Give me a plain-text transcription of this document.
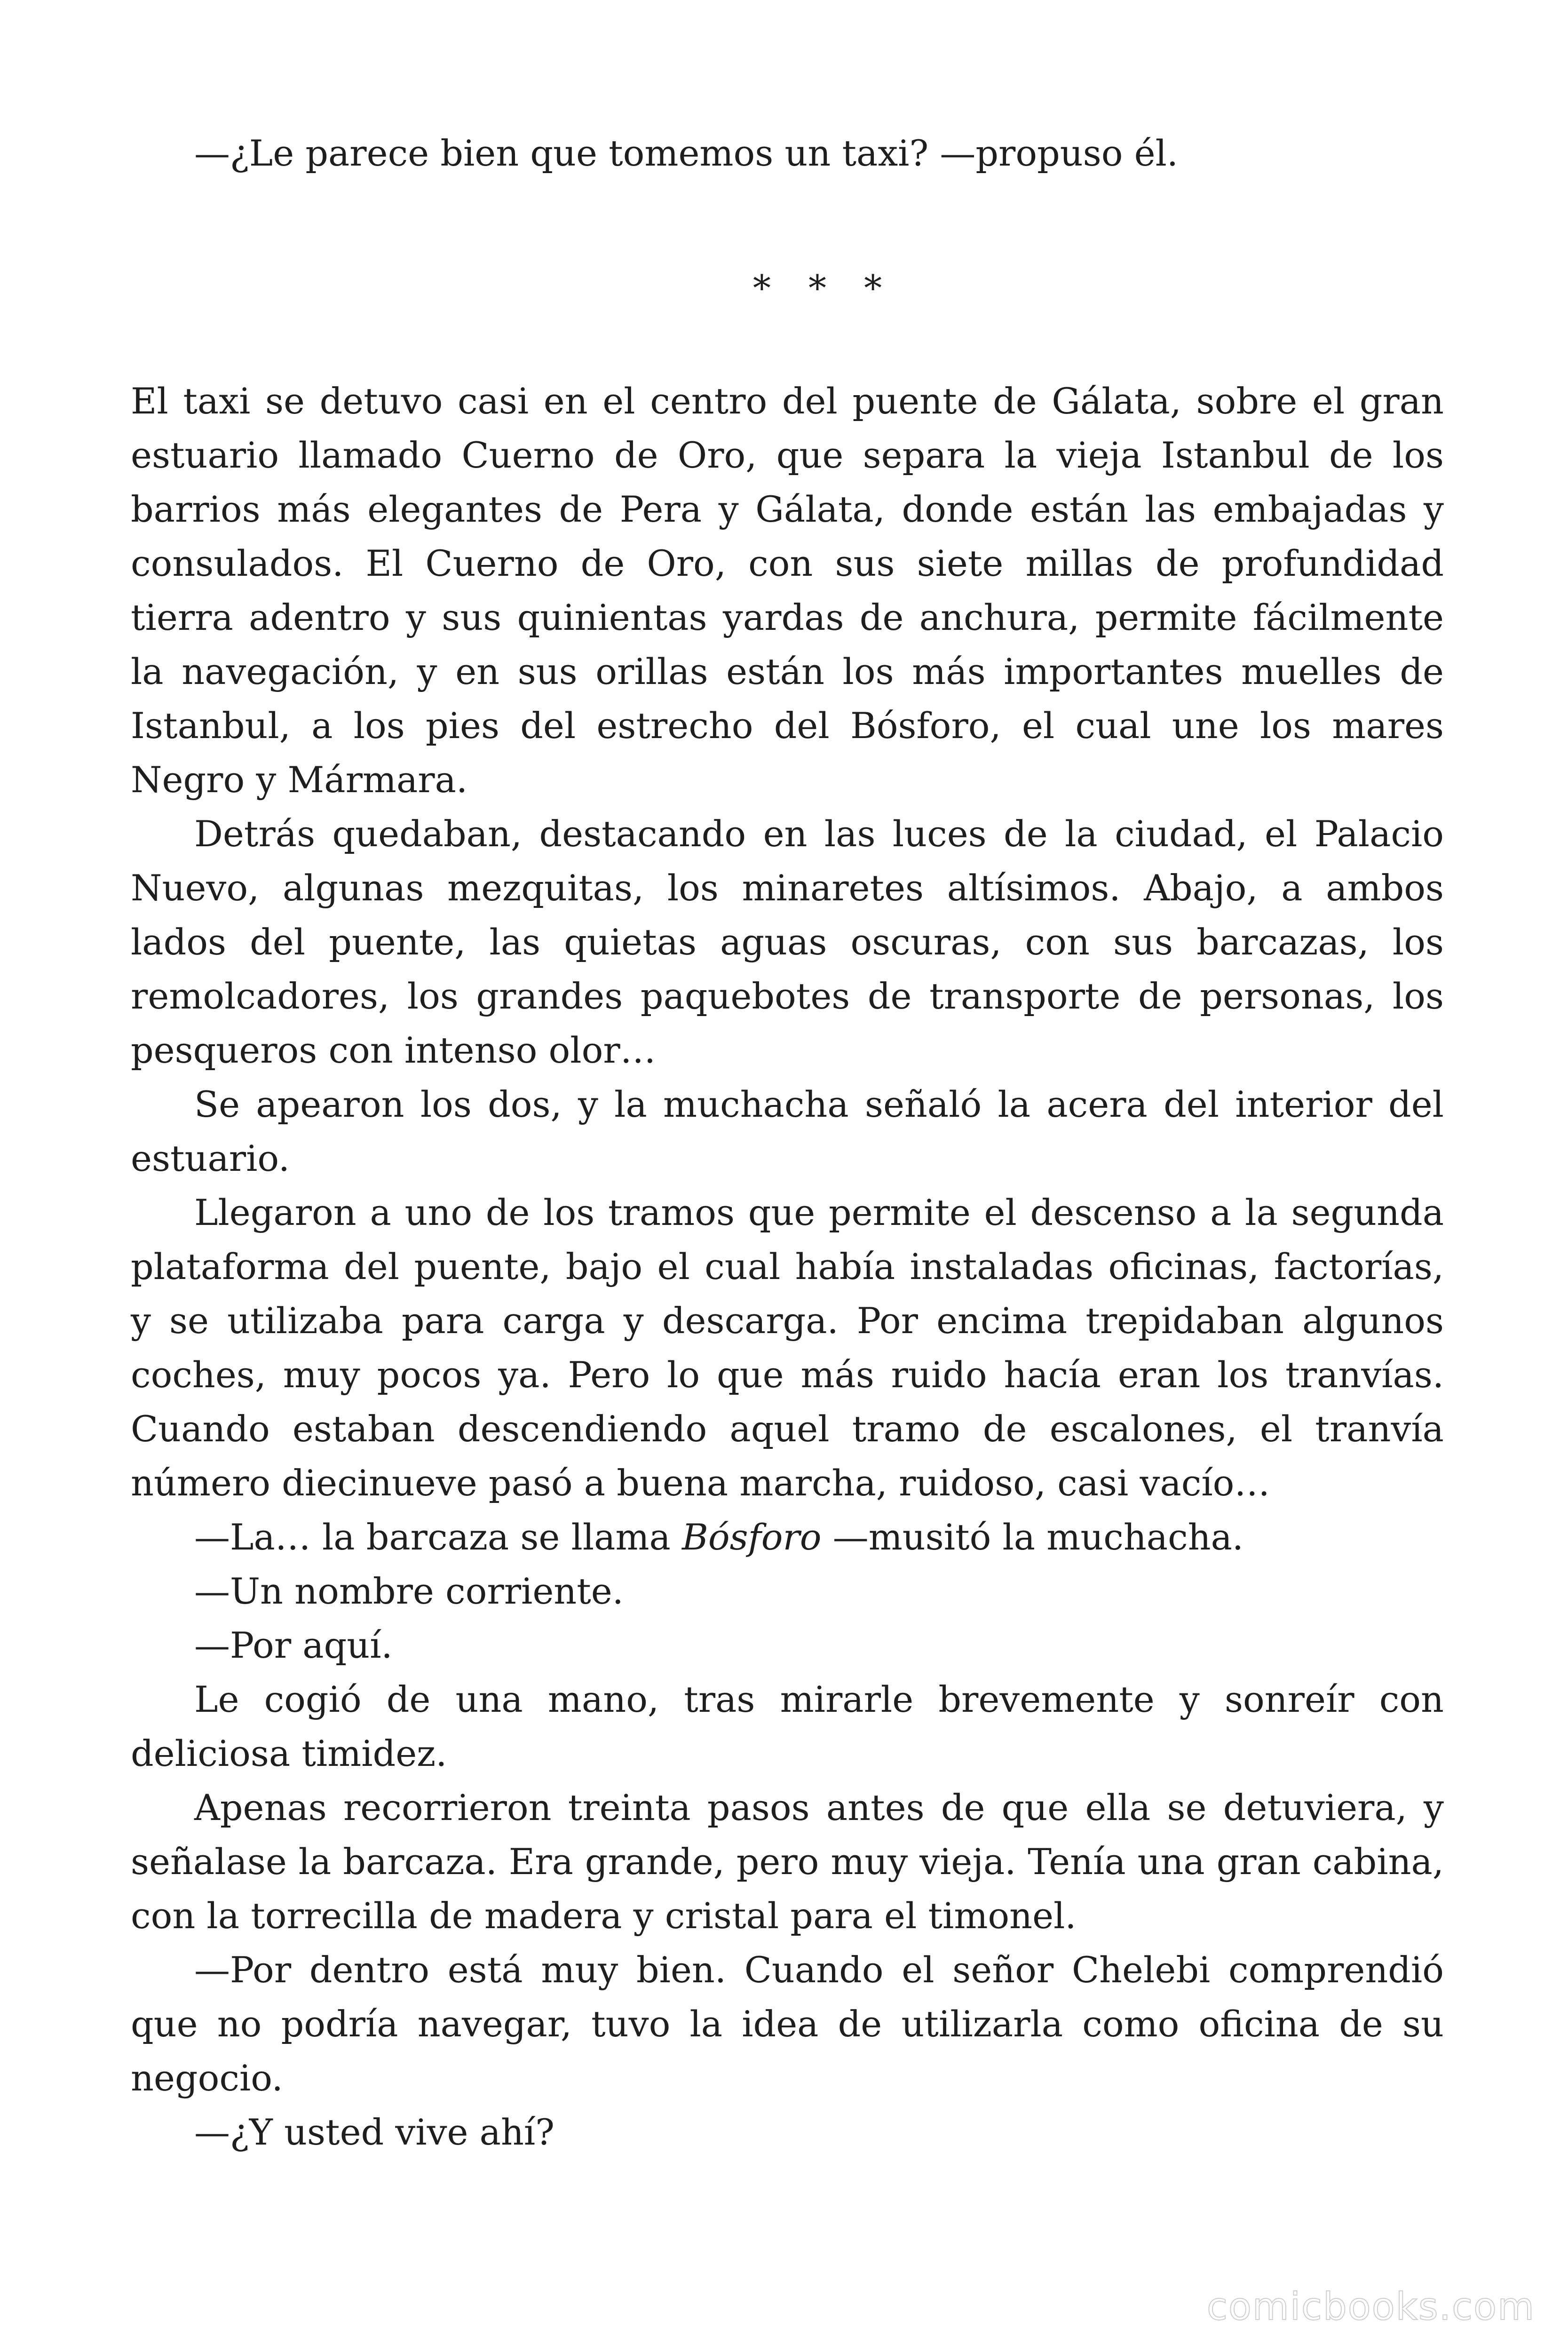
—¿Le parece bien que tomemos un taxi? —propuso él.

* * *

El taxi se detuvo casi en el centro del puente de Gálata, sobre el gran estuario llamado Cuerno de Oro, que separa la vieja Istanbul de los barrios más elegantes de Pera y Gálata, donde están las embajadas y consulados. El Cuerno de Oro, con sus siete millas de profundidad tierra adentro y sus quinientas yardas de anchura, permite fácilmente la navegación, y en sus orillas están los más importantes muelles de Istanbul, a los pies del estrecho del Bósforo, el cual une los mares Negro y Mármara.

Detrás quedaban, destacando en las luces de la ciudad, el Palacio Nuevo, algunas mezquitas, los minaretes altísimos. Abajo, a ambos lados del puente, las quietas aguas oscuras, con sus barcazas, los remolcadores, los grandes paquebotes de transporte de personas, los pesqueros con intenso olor…

Se apearon los dos, y la muchacha señaló la acera del interior del estuario.

Llegaron a uno de los tramos que permite el descenso a la segunda plataforma del puente, bajo el cual había instaladas oficinas, factorías, y se utilizaba para carga y descarga. Por encima trepidaban algunos coches, muy pocos ya. Pero lo que más ruido hacía eran los tranvías. Cuando estaban descendiendo aquel tramo de escalones, el tranvía número diecinueve pasó a buena marcha, ruidoso, casi vacío…

—La… la barcaza se llama Bósforo —musitó la muchacha.

—Un nombre corriente.

—Por aquí.

Le cogió de una mano, tras mirarle brevemente y sonreír con deliciosa timidez.

Apenas recorrieron treinta pasos antes de que ella se detuviera, y señalase la barcaza. Era grande, pero muy vieja. Tenía una gran cabina, con la torrecilla de madera y cristal para el timonel.

—Por dentro está muy bien. Cuando el señor Chelebi comprendió que no podría navegar, tuvo la idea de utilizarla como oficina de su negocio.

—¿Y usted vive ahí?

comicbooks.com
